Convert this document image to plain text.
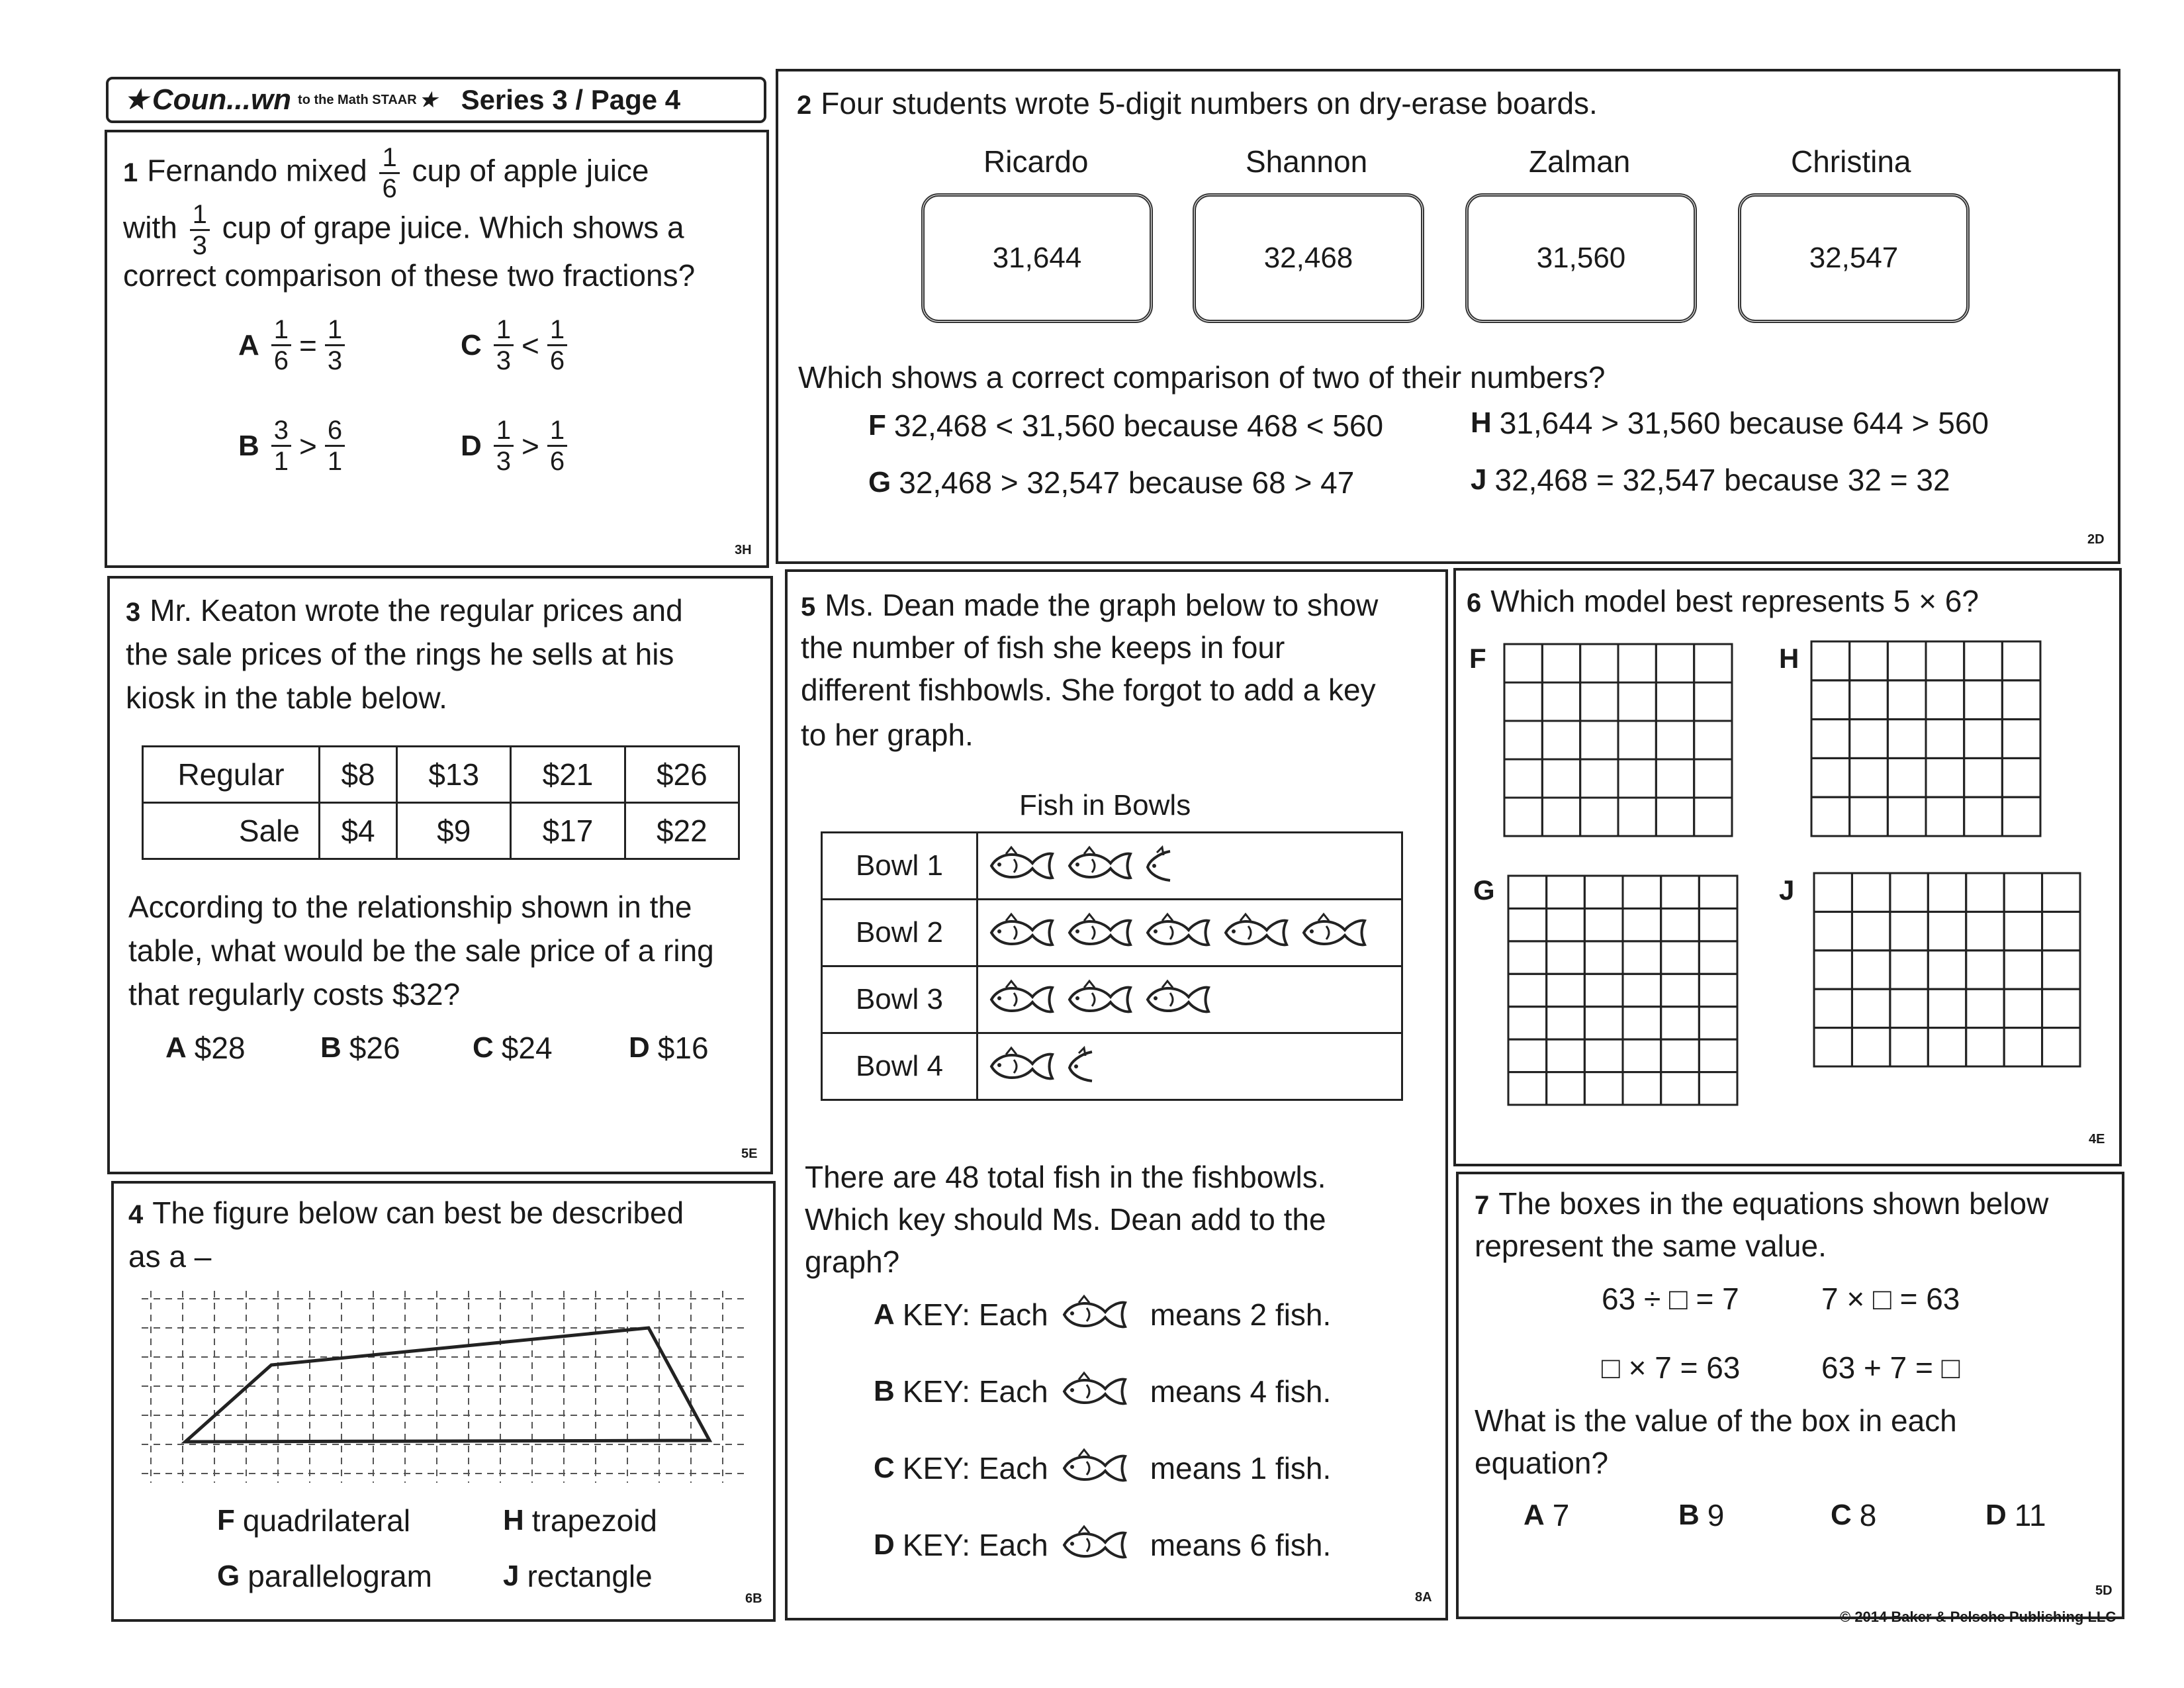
★ Coun...wn to the Math STAAR ★ Series 3 / Page 4
1 Fernando mixed $\frac{1}{6}$ cup of apple juice
with $\frac{1}{3}$ cup of grape juice. Which shows a
correct comparison of these two fractions?
A $\frac{1}{6} = \frac{1}{3}$	C $\frac{1}{3} < \frac{1}{6}$
B $\frac{3}{1} > \frac{6}{1}$	D $\frac{1}{3} > \frac{1}{6}$
3H
2 Four students wrote 5-digit numbers on dry-erase boards.
Ricardo	Shannon	Zalman	Christina
31,644	32,468	31,560	32,547
Which shows a correct comparison of two of their numbers?
F 32,468 < 31,560 because 468 < 560	H 31,644 > 31,560 because 644 > 560
G 32,468 > 32,547 because 68 > 47	J 32,468 = 32,547 because 32 = 32
2D
3 Mr. Keaton wrote the regular prices and
the sale prices of the rings he sells at his
kiosk in the table below.
Regular	$8	$13	$21	$26
Sale	$4	$9	$17	$22
According to the relationship shown in the
table, what would be the sale price of a ring
that regularly costs $32?
A $28	B $26 C $24	D $16
5E
4 The figure below can best be described
as a –
F quadrilateral	H trapezoid
G parallelogram J rectangle
6B
5 Ms. Dean made the graph below to show
the number of fish she keeps in four
different fishbowls. She forgot to add a key
to her graph.
Fish in Bowls
Bowl 1	
Bowl 2	
Bowl 3	
Bowl 4	
There are 48 total fish in the fishbowls.
Which key should Ms. Dean add to the
graph?
A KEY: Each	means 2 fish.
B KEY: Each	means 4 fish.
C KEY: Each	means 1 fish.
D KEY: Each	means 6 fish.
8A
6 Which model best represents 5 × 6?
F	H
G	J
4E
7 The boxes in the equations shown below
represent the same value.
63 ÷ □ = 7	7 × □ = 63
□ × 7 = 63	63 + 7 = □
What is the value of the box in each
equation?
A 7	B 9	C 8	D 11
5D
© 2014 Baker & Pelsche Publishing LLC
